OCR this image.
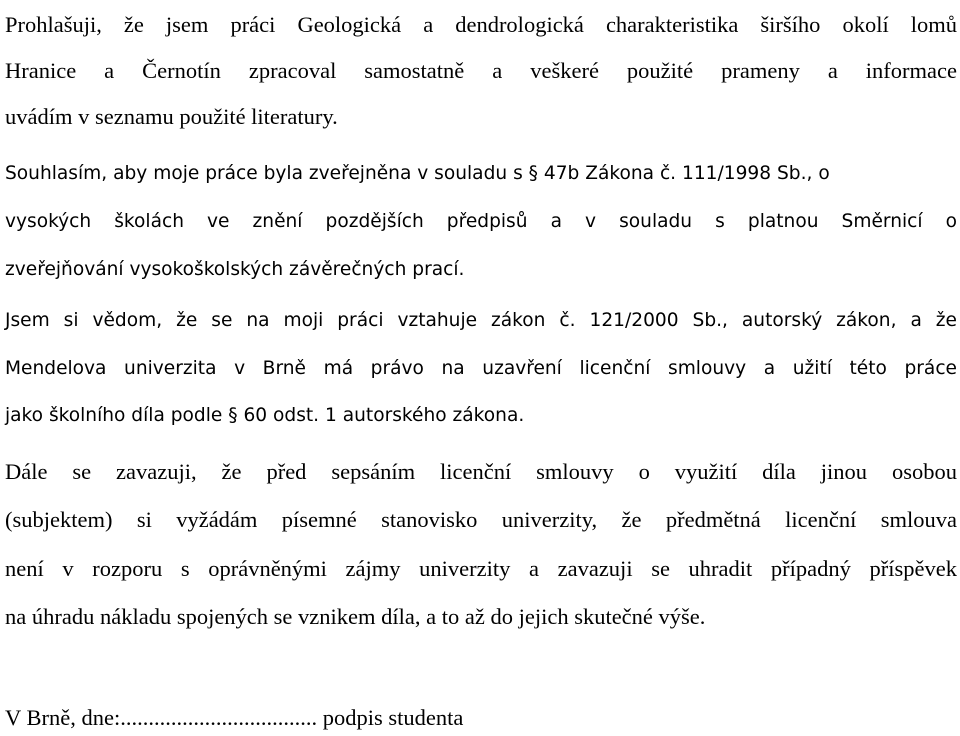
Prohlašuji, že jsem práci Geologická a dendrologická charakteristika širšího okolí lomů
Hranice a Černotín zpracoval samostatně a veškeré použité prameny a informace
uvádím v seznamu použité literatury.
Souhlasím, aby moje práce byla zveřejněna v souladu s § 47b Zákona č. 111/1998 Sb., o
vysokých školách ve znění pozdějších předpisů a v souladu s platnou Směrnicí o
zveřejňování vysokoškolských závěrečných prací.
Jsem si vědom, že se na moji práci vztahuje zákon č. 121/2000 Sb., autorský zákon, a že
Mendelova univerzita v Brně má právo na uzavření licenční smlouvy a užití této práce
jako školního díla podle § 60 odst. 1 autorského zákona.
Dále se zavazuji, že před sepsáním licenční smlouvy o využití díla jinou osobou
(subjektem) si vyžádám písemné stanovisko univerzity, že předmětná licenční smlouva
není v rozporu s oprávněnými zájmy univerzity a zavazuji se uhradit případný příspěvek
na úhradu nákladu spojených se vznikem díla, a to až do jejich skutečné výše.
V Brně, dne:................................... podpis studenta
